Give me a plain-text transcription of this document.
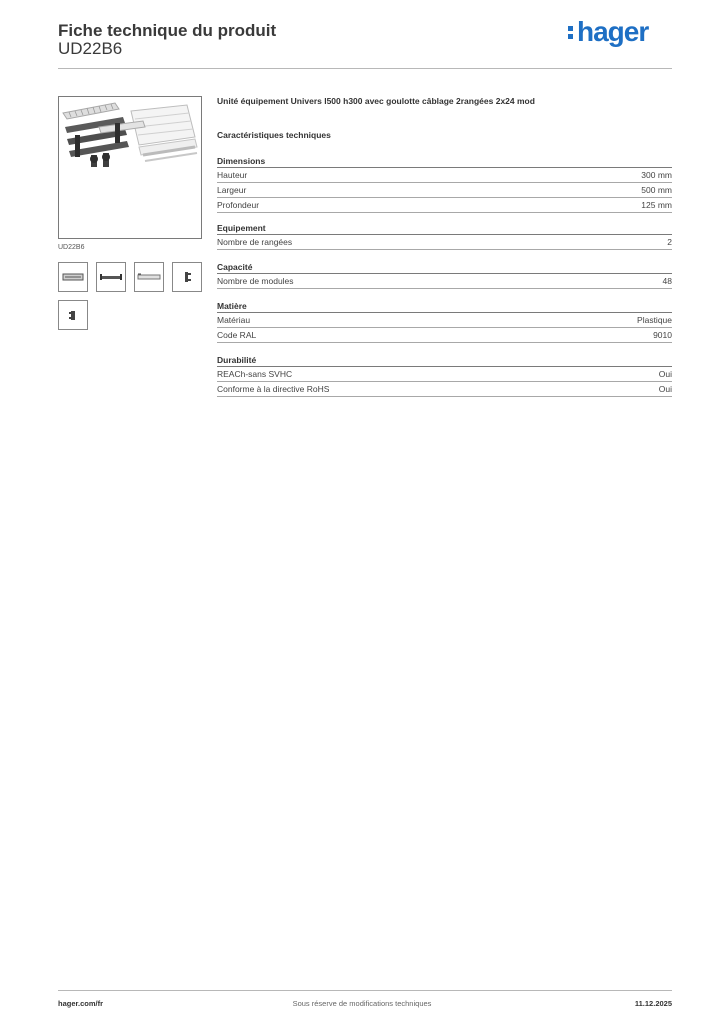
Fiche technique du produit
UD22B6
hager
UD22B6
Unité équipement Univers l500 h300 avec goulotte câblage 2rangées 2x24 mod
Caractéristiques techniques
Dimensions
Hauteur	300 mm
Largeur	500 mm
Profondeur	125 mm
Equipement
Nombre de rangées	2
Capacité
Nombre de modules	48
Matière
Matériau	Plastique
Code RAL	9010
Durabilité
REACh-sans SVHC	Oui
Conforme à la directive RoHS	Oui
hager.com/fr	Sous réserve de modifications techniques	11.12.2025
